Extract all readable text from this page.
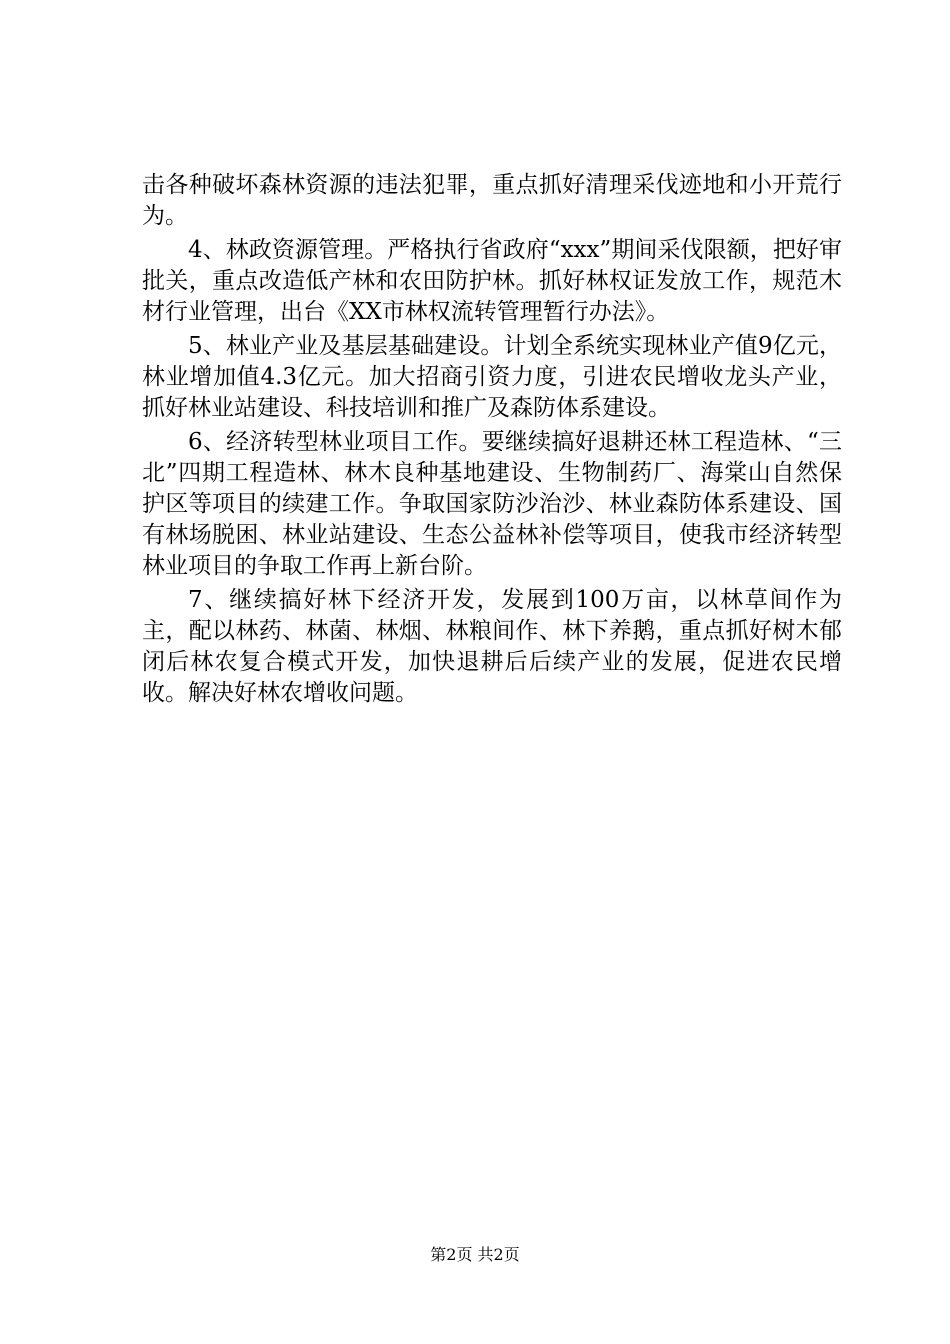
击各种破坏森林资源的违法犯罪，重点抓好清理采伐迹地和小开荒行为。

4、林政资源管理。严格执行省政府“xxx”期间采伐限额，把好审批关，重点改造低产林和农田防护林。抓好林权证发放工作，规范木材行业管理，出台《XX市林权流转管理暂行办法》。

5、林业产业及基层基础建设。计划全系统实现林业产值9亿元，林业增加值4.3亿元。加大招商引资力度，引进农民增收龙头产业，抓好林业站建设、科技培训和推广及森防体系建设。

6、经济转型林业项目工作。要继续搞好退耕还林工程造林、“三北”四期工程造林、林木良种基地建设、生物制药厂、海棠山自然保护区等项目的续建工作。争取国家防沙治沙、林业森防体系建设、国有林场脱困、林业站建设、生态公益林补偿等项目，使我市经济转型林业项目的争取工作再上新台阶。

7、继续搞好林下经济开发，发展到100万亩，以林草间作为主，配以林药、林菌、林烟、林粮间作、林下养鹅，重点抓好树木郁闭后林农复合模式开发，加快退耕后后续产业的发展，促进农民增收。解决好林农增收问题。

第2页 共2页
